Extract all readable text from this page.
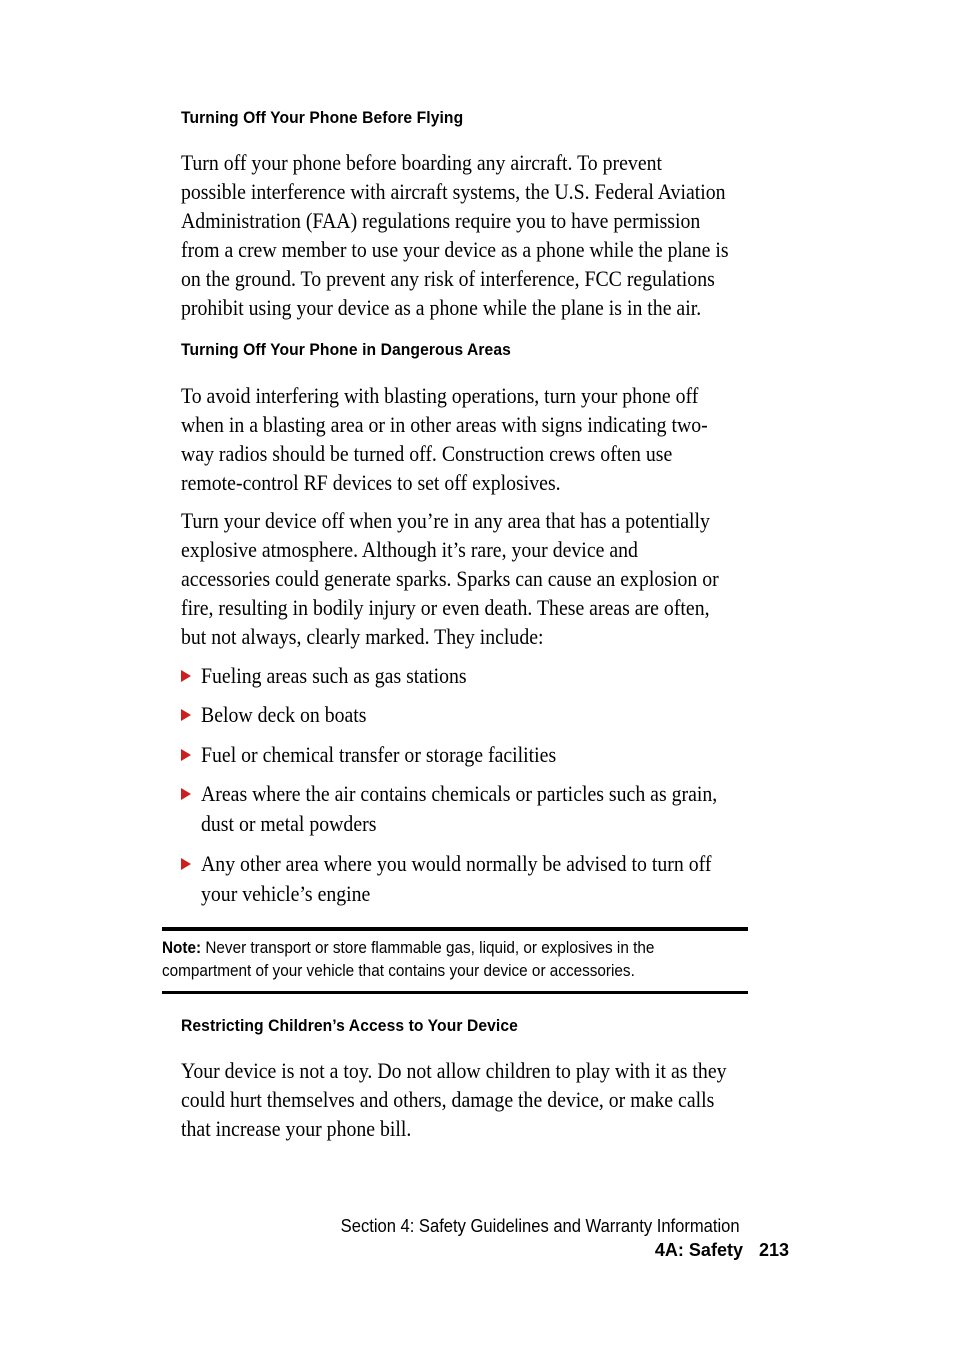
Turning Off Your Phone Before Flying

Turn off your phone before boarding any aircraft. To prevent possible interference with aircraft systems, the U.S. Federal Aviation Administration (FAA) regulations require you to have permission from a crew member to use your device as a phone while the plane is on the ground. To prevent any risk of interference, FCC regulations prohibit using your device as a phone while the plane is in the air.

Turning Off Your Phone in Dangerous Areas

To avoid interfering with blasting operations, turn your phone off when in a blasting area or in other areas with signs indicating two-way radios should be turned off. Construction crews often use remote-control RF devices to set off explosives.

Turn your device off when you’re in any area that has a potentially explosive atmosphere. Although it’s rare, your device and accessories could generate sparks. Sparks can cause an explosion or fire, resulting in bodily injury or even death. These areas are often, but not always, clearly marked. They include:

Fueling areas such as gas stations
Below deck on boats
Fuel or chemical transfer or storage facilities
Areas where the air contains chemicals or particles such as grain, dust or metal powders
Any other area where you would normally be advised to turn off your vehicle’s engine
Note: Never transport or store flammable gas, liquid, or explosives in the compartment of your vehicle that contains your device or accessories.
Restricting Children’s Access to Your Device

Your device is not a toy. Do not allow children to play with it as they could hurt themselves and others, damage the device, or make calls that increase your phone bill.

Section 4: Safety Guidelines and Warranty Information
4A: Safety 213
